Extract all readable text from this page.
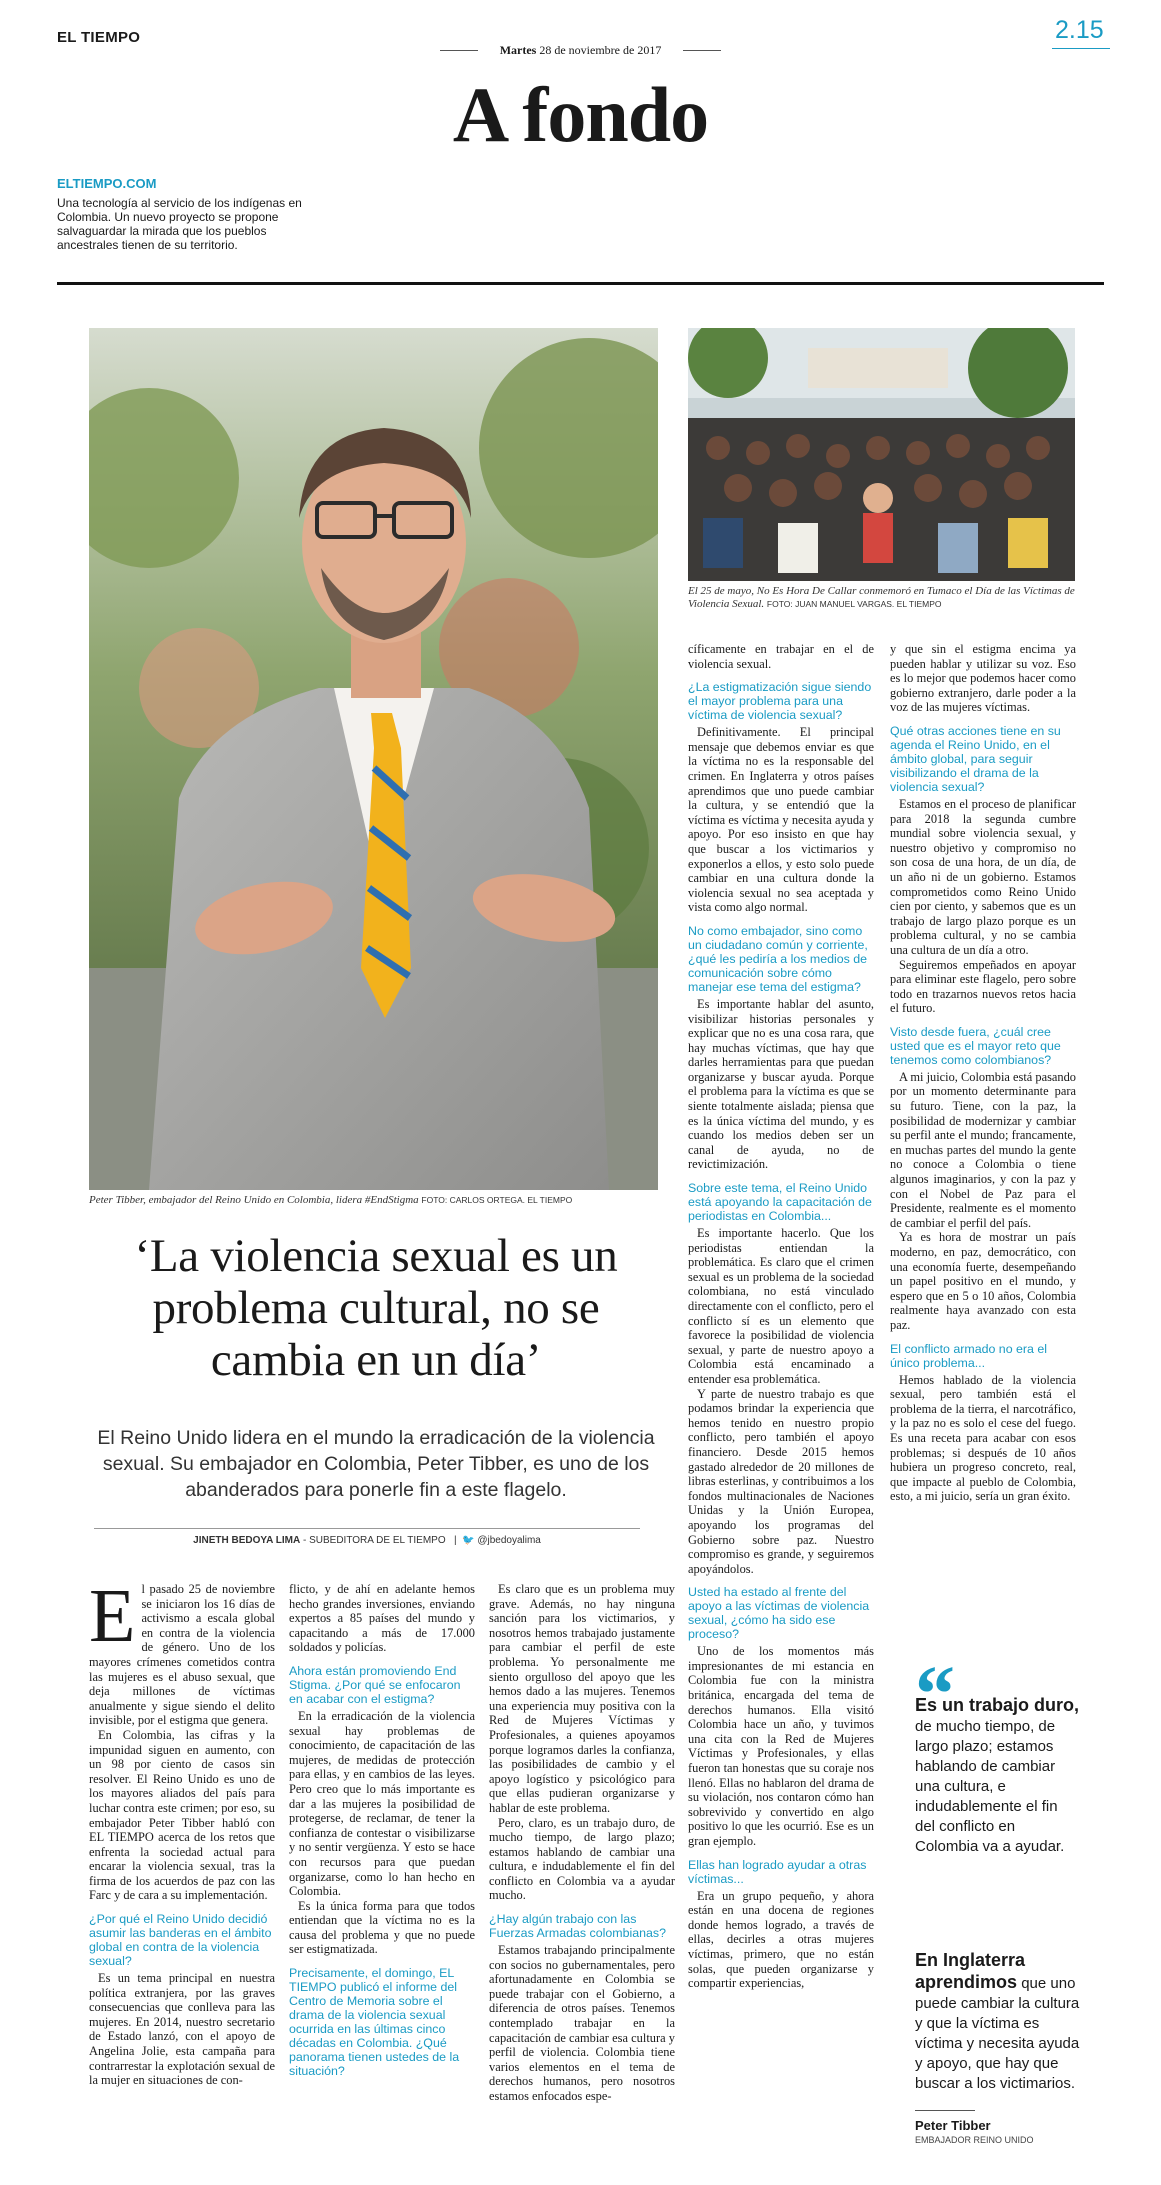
EL TIEMPO
Martes 28 de noviembre de 2017
2.15
A fondo
ELTIEMPO.COM
Una tecnología al servicio de los indígenas en Colombia. Un nuevo proyecto se propone salvaguardar la mirada que los pueblos ancestrales tienen de su territorio.
Peter Tibber, embajador del Reino Unido en Colombia, lidera #EndStigma FOTO: CARLOS ORTEGA. EL TIEMPO
El 25 de mayo, No Es Hora De Callar conmemoró en Tumaco el Día de las Víctimas de Violencia Sexual. FOTO: JUAN MANUEL VARGAS. EL TIEMPO
‘La violencia sexual es un problema cultural, no se cambia en un día’
El Reino Unido lidera en el mundo la erradicación de la violencia sexual. Su embajador en Colombia, Peter Tibber, es uno de los abanderados para ponerle fin a este flagelo.
JINETH BEDOYA LIMA - SUBEDITORA DE EL TIEMPO   |  🐦 @jbedoyalima

El pasado 25 de noviembre se iniciaron los 16 días de activismo a escala global en contra de la violencia de género. Uno de los mayores crímenes cometidos contra las mujeres es el abuso sexual, que deja millones de víctimas anualmente y sigue siendo el delito invisible, por el estigma que genera.

En Colombia, las cifras y la impunidad siguen en aumento, con un 98 por ciento de casos sin resolver. El Reino Unido es uno de los mayores aliados del país para luchar contra este crimen; por eso, su embajador Peter Tibber habló con EL TIEMPO acerca de los retos que enfrenta la sociedad actual para encarar la violencia sexual, tras la firma de los acuerdos de paz con las Farc y de cara a su implementación.

¿Por qué el Reino Unido decidió asumir las banderas en el ámbito global en contra de la violencia sexual?

Es un tema principal en nuestra política extranjera, por las graves consecuencias que conlleva para las mujeres. En 2014, nuestro secretario de Estado lanzó, con el apoyo de Angelina Jolie, esta campaña para contrarrestar la explotación sexual de la mujer en situaciones de con-

flicto, y de ahí en adelante hemos hecho grandes inversiones, enviando expertos a 85 países del mundo y capacitando a más de 17.000 soldados y policías.

Ahora están promoviendo End Stigma. ¿Por qué se enfocaron en acabar con el estigma?

En la erradicación de la violencia sexual hay problemas de conocimiento, de capacitación de las mujeres, de medidas de protección para ellas, y en cambios de las leyes. Pero creo que lo más importante es dar a las mujeres la posibilidad de protegerse, de reclamar, de tener la confianza de contestar o visibilizarse y no sentir vergüenza. Y esto se hace con recursos para que puedan organizarse, como lo han hecho en Colombia.

Es la única forma para que todos entiendan que la víctima no es la causa del problema y que no puede ser estigmatizada.

Precisamente, el domingo, EL TIEMPO publicó el informe del Centro de Memoria sobre el drama de la violencia sexual ocurrida en las últimas cinco décadas en Colombia. ¿Qué panorama tienen ustedes de la situación?

Es claro que es un problema muy grave. Además, no hay ninguna sanción para los victimarios, y nosotros hemos trabajado justamente para cambiar el perfil de este problema. Yo personalmente me siento orgulloso del apoyo que les hemos dado a las mujeres. Tenemos una experiencia muy positiva con la Red de Mujeres Víctimas y Profesionales, a quienes apoyamos porque logramos darles la confianza, las posibilidades de cambio y el apoyo logístico y psicológico para que ellas pudieran organizarse y hablar de este problema.

Pero, claro, es un trabajo duro, de mucho tiempo, de largo plazo; estamos hablando de cambiar una cultura, e indudablemente el fin del conflicto en Colombia va a ayudar mucho.

¿Hay algún trabajo con las Fuerzas Armadas colombianas?

Estamos trabajando principalmente con socios no gubernamentales, pero afortunadamente en Colombia se puede trabajar con el Gobierno, a diferencia de otros países. Tenemos contemplado trabajar en la capacitación de cambiar esa cultura y perfil de violencia. Colombia tiene varios elementos en el tema de derechos humanos, pero nosotros estamos enfocados espe-

cíficamente en trabajar en el de violencia sexual.

¿La estigmatización sigue siendo el mayor problema para una víctima de violencia sexual?

Definitivamente. El principal mensaje que debemos enviar es que la víctima no es la responsable del crimen. En Inglaterra y otros países aprendimos que uno puede cambiar la cultura, y se entendió que la víctima es víctima y necesita ayuda y apoyo. Por eso insisto en que hay que buscar a los victimarios y exponerlos a ellos, y esto solo puede cambiar en una cultura donde la violencia sexual no sea aceptada y vista como algo normal.

No como embajador, sino como un ciudadano común y corriente, ¿qué les pediría a los medios de comunicación sobre cómo manejar ese tema del estigma?

Es importante hablar del asunto, visibilizar historias personales y explicar que no es una cosa rara, que hay muchas víctimas, que hay que darles herramientas para que puedan organizarse y buscar ayuda. Porque el problema para la víctima es que se siente totalmente aislada; piensa que es la única víctima del mundo, y es cuando los medios deben ser un canal de ayuda, no de revictimización.

Sobre este tema, el Reino Unido está apoyando la capacitación de periodistas en Colombia...

Es importante hacerlo. Que los periodistas entiendan la problemática. Es claro que el crimen sexual es un problema de la sociedad colombiana, no está vinculado directamente con el conflicto, pero el conflicto sí es un elemento que favorece la posibilidad de violencia sexual, y parte de nuestro apoyo a Colombia está encaminado a entender esa problemática.

Y parte de nuestro trabajo es que podamos brindar la experiencia que hemos tenido en nuestro propio conflicto, pero también el apoyo financiero. Desde 2015 hemos gastado alrededor de 20 millones de libras esterlinas, y contribuimos a los fondos multinacionales de Naciones Unidas y la Unión Europea, apoyando los programas del Gobierno sobre paz. Nuestro compromiso es grande, y seguiremos apoyándolos.

Usted ha estado al frente del apoyo a las víctimas de violencia sexual, ¿cómo ha sido ese proceso?

Uno de los momentos más impresionantes de mi estancia en Colombia fue con la ministra británica, encargada del tema de derechos humanos. Ella visitó Colombia hace un año, y tuvimos una cita con la Red de Mujeres Víctimas y Profesionales, y ellas fueron tan honestas que su coraje nos llenó. Ellas no hablaron del drama de su violación, nos contaron cómo han sobrevivido y convertido en algo positivo lo que les ocurrió. Ese es un gran ejemplo.

Ellas han logrado ayudar a otras víctimas...

Era un grupo pequeño, y ahora están en una docena de regiones donde hemos logrado, a través de ellas, decirles a otras mujeres víctimas, primero, que no están solas, que pueden organizarse y compartir experiencias,

y que sin el estigma encima ya pueden hablar y utilizar su voz. Eso es lo mejor que podemos hacer como gobierno extranjero, darle poder a la voz de las mujeres víctimas.

Qué otras acciones tiene en su agenda el Reino Unido, en el ámbito global, para seguir visibilizando el drama de la violencia sexual?

Estamos en el proceso de planificar para 2018 la segunda cumbre mundial sobre violencia sexual, y nuestro objetivo y compromiso no son cosa de una hora, de un día, de un año ni de un gobierno. Estamos comprometidos como Reino Unido cien por ciento, y sabemos que es un trabajo de largo plazo porque es un problema cultural, y no se cambia una cultura de un día a otro.

Seguiremos empeñados en apoyar para eliminar este flagelo, pero sobre todo en trazarnos nuevos retos hacia el futuro.

Visto desde fuera, ¿cuál cree usted que es el mayor reto que tenemos como colombianos?

A mi juicio, Colombia está pasando por un momento determinante para su futuro. Tiene, con la paz, la posibilidad de modernizar y cambiar su perfil ante el mundo; francamente, en muchas partes del mundo la gente no conoce a Colombia o tiene algunos imaginarios, y con la paz y con el Nobel de Paz para el Presidente, realmente es el momento de cambiar el perfil del país.

Ya es hora de mostrar un país moderno, en paz, democrático, con una economía fuerte, desempeñando un papel positivo en el mundo, y espero que en 5 o 10 años, Colombia realmente haya avanzado con esta paz.

El conflicto armado no era el único problema...

Hemos hablado de la violencia sexual, pero también está el problema de la tierra, el narcotráfico, y la paz no es solo el cese del fuego. Es una receta para acabar con esos problemas; si después de 10 años hubiera un progreso concreto, real, que impacte al pueblo de Colombia, esto, a mi juicio, sería un gran éxito.

“
Es un trabajo duro, de mucho tiempo, de largo plazo; estamos hablando de cambiar una cultura, e indudablemente el fin del conflicto en Colombia va a ayudar.
En Inglaterra aprendimos que uno puede cambiar la cultura y que la víctima es víctima y necesita ayuda y apoyo, que hay que buscar a los victimarios.
Peter Tibber
EMBAJADOR REINO UNIDO
